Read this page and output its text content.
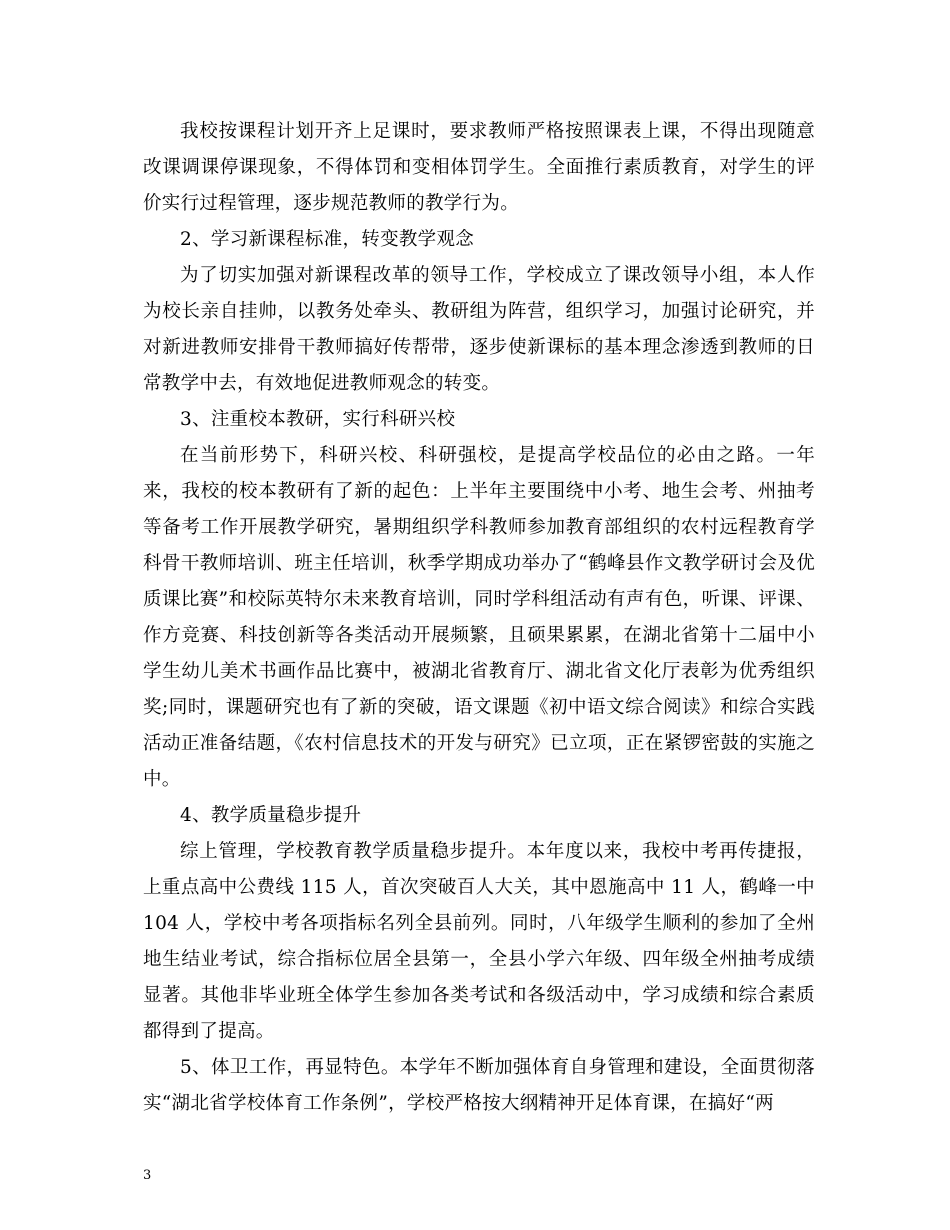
我校按课程计划开齐上足课时，要求教师严格按照课表上课，不得出现随意改课调课停课现象，不得体罚和变相体罚学生。全面推行素质教育，对学生的评价实行过程管理，逐步规范教师的教学行为。

2、学习新课程标准，转变教学观念

为了切实加强对新课程改革的领导工作，学校成立了课改领导小组，本人作为校长亲自挂帅，以教务处牵头、教研组为阵营，组织学习，加强讨论研究，并对新进教师安排骨干教师搞好传帮带，逐步使新课标的基本理念渗透到教师的日常教学中去，有效地促进教师观念的转变。

3、注重校本教研，实行科研兴校

在当前形势下，科研兴校、科研强校，是提高学校品位的必由之路。一年来，我校的校本教研有了新的起色：上半年主要围绕中小考、地生会考、州抽考等备考工作开展教学研究，暑期组织学科教师参加教育部组织的农村远程教育学科骨干教师培训、班主任培训，秋季学期成功举办了“鹤峰县作文教学研讨会及优质课比赛”和校际英特尔未来教育培训，同时学科组活动有声有色，听课、评课、作方竞赛、科技创新等各类活动开展频繁，且硕果累累，在湖北省第十二届中小学生幼儿美术书画作品比赛中，被湖北省教育厅、湖北省文化厅表彰为优秀组织奖;同时，课题研究也有了新的突破，语文课题《初中语文综合阅读》和综合实践活动正准备结题，《农村信息技术的开发与研究》已立项，正在紧锣密鼓的实施之中。

4、教学质量稳步提升

综上管理，学校教育教学质量稳步提升。本年度以来，我校中考再传捷报，上重点高中公费线 115 人，首次突破百人大关，其中恩施高中 11 人，鹤峰一中 104 人，学校中考各项指标名列全县前列。同时，八年级学生顺利的参加了全州地生结业考试，综合指标位居全县第一，全县小学六年级、四年级全州抽考成绩显著。其他非毕业班全体学生参加各类考试和各级活动中，学习成绩和综合素质都得到了提高。

5、体卫工作，再显特色。本学年不断加强体育自身管理和建设，全面贯彻落实“湖北省学校体育工作条例”，学校严格按大纲精神开足体育课，在搞好“两

3
